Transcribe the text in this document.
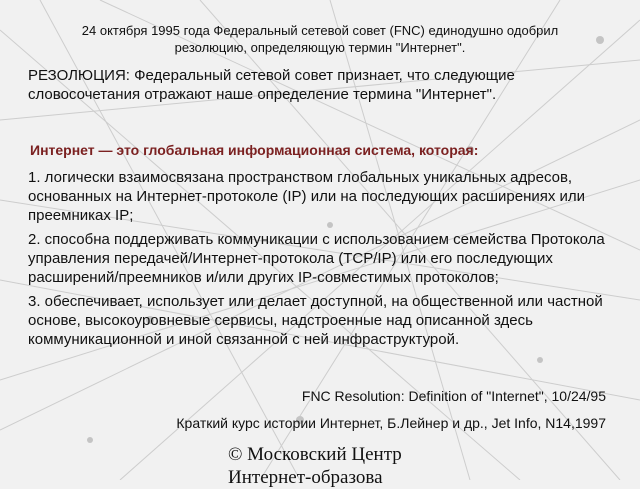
24 октября 1995 года Федеральный сетевой совет (FNC) единодушно одобрил
резолюцию, определяющую термин "Интернет".
РЕЗОЛЮЦИЯ: Федеральный сетевой совет признает, что следующие словосочетания отражают наше определение термина "Интернет".
Интернет — это глобальная информационная система, которая:
1. логически взаимосвязана пространством глобальных уникальных адресов, основанных на Интернет-протоколе (IP) или на последующих расширениях или преемниках IP;
2. способна поддерживать коммуникации с использованием семейства Протокола управления передачей/Интернет-протокола (TCP/IP) или его последующих расширений/преемников и/или других IP-совместимых протоколов;
3. обеспечивает, использует или делает доступной, на общественной или частной основе, высокоуровневые сервисы, надстроенные над описанной здесь коммуникационной и иной связанной с ней инфраструктурой.
FNC Resolution: Definition of "Internet", 10/24/95
Краткий курс истории Интернет, Б.Лейнер и др., Jet Info, N14,1997
© Московский Центр
Интернет-образова
